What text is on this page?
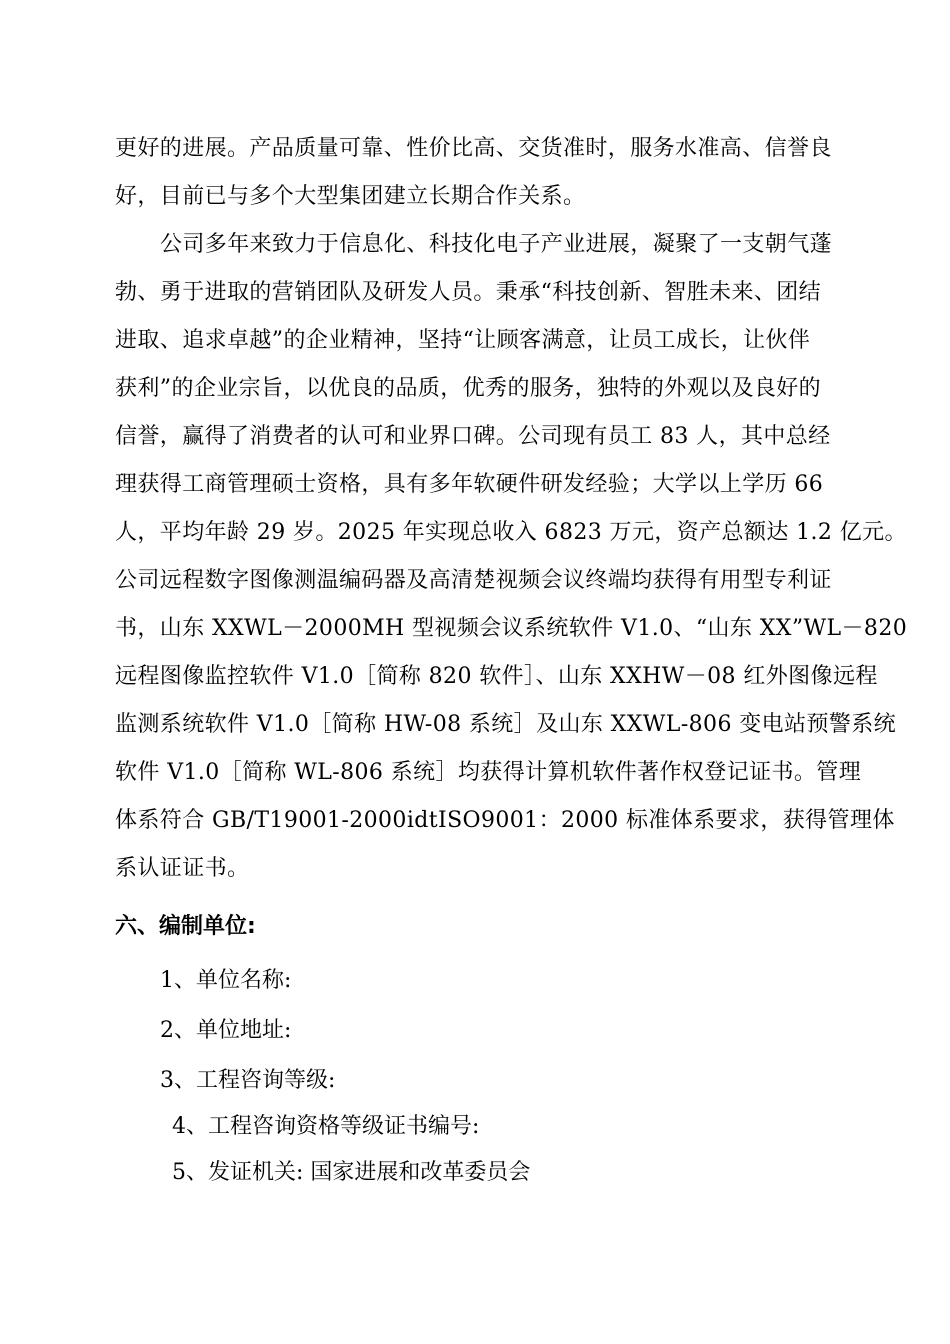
更好的进展。产品质量可靠、性价比高、交货准时，服务水准高、信誉良
好，目前已与多个大型集团建立长期合作关系。
公司多年来致力于信息化、科技化电子产业进展，凝聚了一支朝气蓬
勃、勇于进取的营销团队及研发人员。秉承“科技创新、智胜未来、团结
进取、追求卓越”的企业精神，坚持“让顾客满意，让员工成长，让伙伴
获利”的企业宗旨，以优良的品质，优秀的服务，独特的外观以及良好的
信誉，赢得了消费者的认可和业界口碑。公司现有员工 83 人，其中总经
理获得工商管理硕士资格，具有多年软硬件研发经验；大学以上学历 66
人，平均年龄 29 岁。2025 年实现总收入 6823 万元，资产总额达 1.2 亿元。
公司远程数字图像测温编码器及高清楚视频会议终端均获得有用型专利证
书，山东 XXWL－2000MH 型视频会议系统软件 V1.0、“山东 XX”WL－820
远程图像监控软件 V1.0［简称 820 软件］、山东 XXHW－08 红外图像远程
监测系统软件 V1.0［简称 HW-08 系统］及山东 XXWL-806 变电站预警系统
软件 V1.0［简称 WL-806 系统］均获得计算机软件著作权登记证书。管理
体系符合 GB/T19001-2000idtISO9001：2000 标准体系要求，获得管理体
系认证证书。
六、编制单位:
1、单位名称:
2、单位地址:
3、工程咨询等级:
4、工程咨询资格等级证书编号:
5、发证机关: 国家进展和改革委员会
